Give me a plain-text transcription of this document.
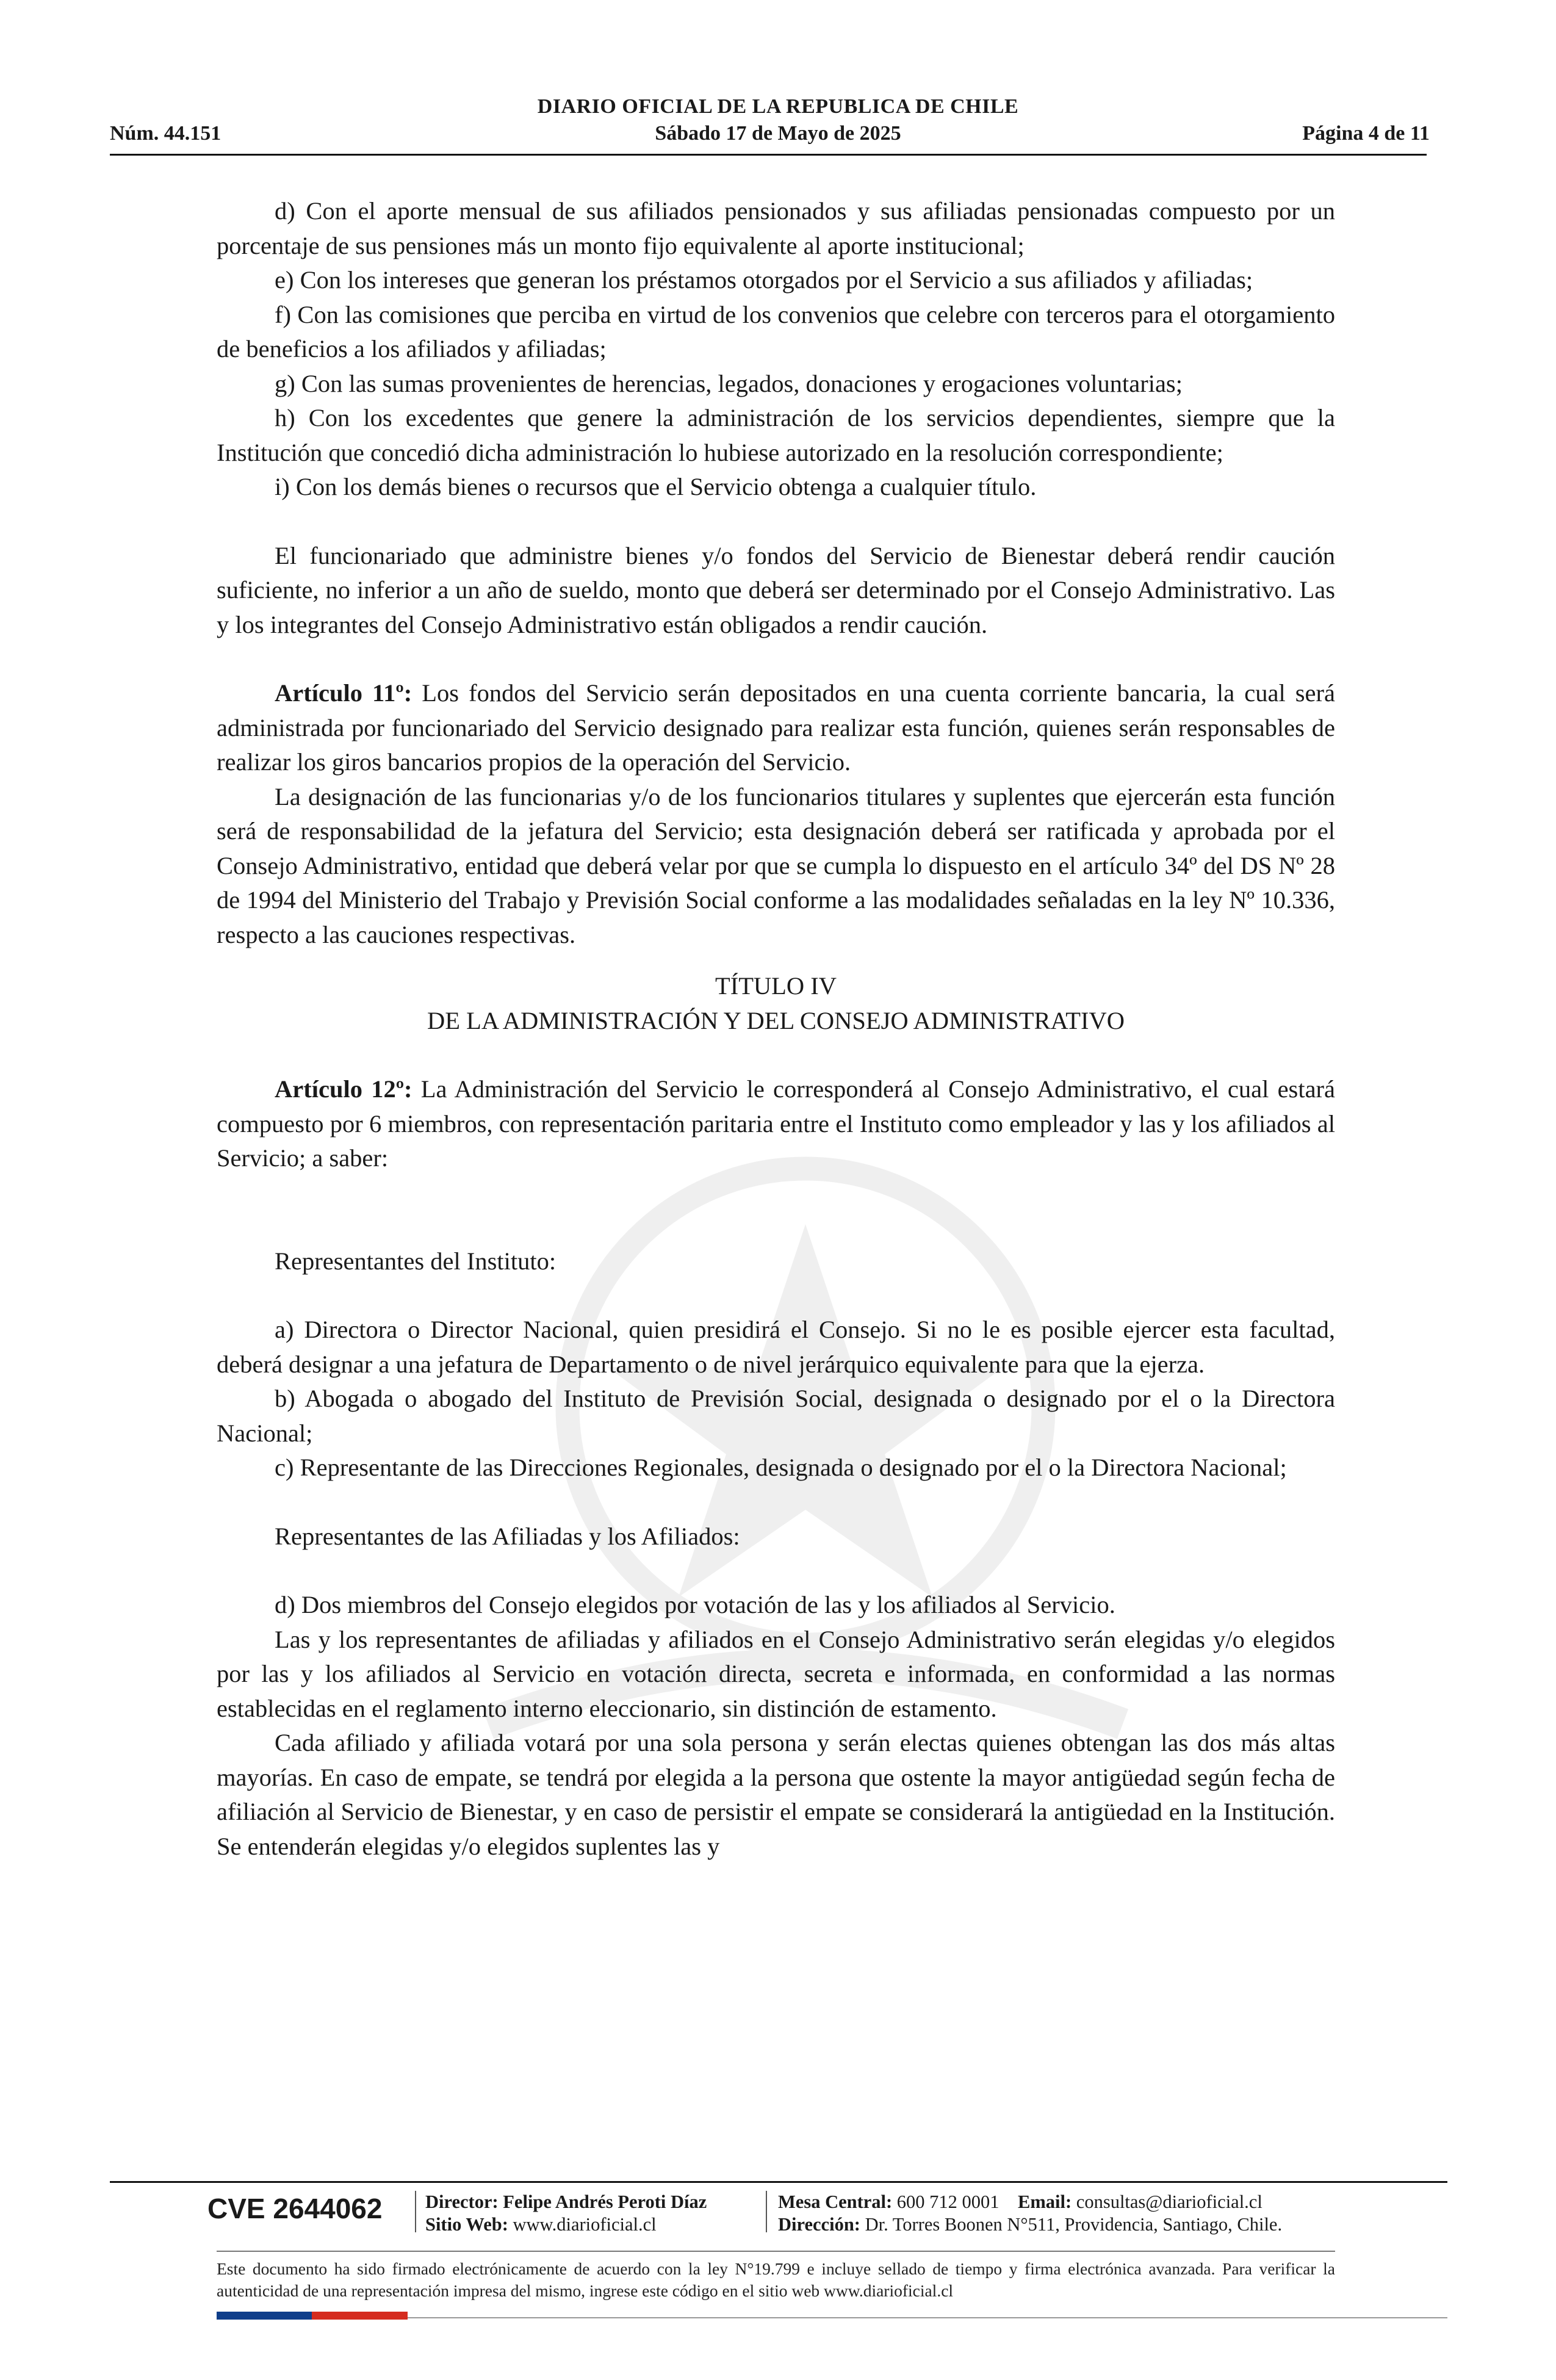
Núm. 44.151
DIARIO OFICIAL DE LA REPUBLICA DE CHILE
Sábado 17 de Mayo de 2025	Página 4 de 11

d) Con el aporte mensual de sus afiliados pensionados y sus afiliadas pensionadas compuesto por un porcentaje de sus pensiones más un monto fijo equivalente al aporte institucional;

e) Con los intereses que generan los préstamos otorgados por el Servicio a sus afiliados y afiliadas;

f) Con las comisiones que perciba en virtud de los convenios que celebre con terceros para el otorgamiento de beneficios a los afiliados y afiliadas;

g) Con las sumas provenientes de herencias, legados, donaciones y erogaciones voluntarias;

h) Con los excedentes que genere la administración de los servicios dependientes, siempre que la Institución que concedió dicha administración lo hubiese autorizado en la resolución correspondiente;

i) Con los demás bienes o recursos que el Servicio obtenga a cualquier título.

El funcionariado que administre bienes y/o fondos del Servicio de Bienestar deberá rendir caución suficiente, no inferior a un año de sueldo, monto que deberá ser determinado por el Consejo Administrativo. Las y los integrantes del Consejo Administrativo están obligados a rendir caución.

Artículo 11º: Los fondos del Servicio serán depositados en una cuenta corriente bancaria, la cual será administrada por funcionariado del Servicio designado para realizar esta función, quienes serán responsables de realizar los giros bancarios propios de la operación del Servicio.

La designación de las funcionarias y/o de los funcionarios titulares y suplentes que ejercerán esta función será de responsabilidad de la jefatura del Servicio; esta designación deberá ser ratificada y aprobada por el Consejo Administrativo, entidad que deberá velar por que se cumpla lo dispuesto en el artículo 34º del DS Nº 28 de 1994 del Ministerio del Trabajo y Previsión Social conforme a las modalidades señaladas en la ley Nº 10.336, respecto a las cauciones respectivas.

TÍTULO IV

DE LA ADMINISTRACIÓN Y DEL CONSEJO ADMINISTRATIVO

Artículo 12º: La Administración del Servicio le corresponderá al Consejo Administrativo, el cual estará compuesto por 6 miembros, con representación paritaria entre el Instituto como empleador y las y los afiliados al Servicio; a saber:

Representantes del Instituto:

a) Directora o Director Nacional, quien presidirá el Consejo. Si no le es posible ejercer esta facultad, deberá designar a una jefatura de Departamento o de nivel jerárquico equivalente para que la ejerza.

b) Abogada o abogado del Instituto de Previsión Social, designada o designado por el o la Directora Nacional;

c) Representante de las Direcciones Regionales, designada o designado por el o la Directora Nacional;

Representantes de las Afiliadas y los Afiliados:

d) Dos miembros del Consejo elegidos por votación de las y los afiliados al Servicio.

Las y los representantes de afiliadas y afiliados en el Consejo Administrativo serán elegidas y/o elegidos por las y los afiliados al Servicio en votación directa, secreta e informada, en conformidad a las normas establecidas en el reglamento interno eleccionario, sin distinción de estamento.

Cada afiliado y afiliada votará por una sola persona y serán electas quienes obtengan las dos más altas mayorías. En caso de empate, se tendrá por elegida a la persona que ostente la mayor antigüedad según fecha de afiliación al Servicio de Bienestar, y en caso de persistir el empate se considerará la antigüedad en la Institución. Se entenderán elegidas y/o elegidos suplentes las y

CVE 2644062 Director: Felipe Andrés Peroti Díaz
Sitio Web: www.diarioficial.cl
Mesa Central: 600 712 0001 Email: consultas@diarioficial.cl
Dirección: Dr. Torres Boonen N°511, Providencia, Santiago, Chile.
Este documento ha sido firmado electrónicamente de acuerdo con la ley N°19.799 e incluye sellado de tiempo y firma electrónica avanzada. Para verificar la autenticidad de una representación impresa del mismo, ingrese este código en el sitio web www.diarioficial.cl
